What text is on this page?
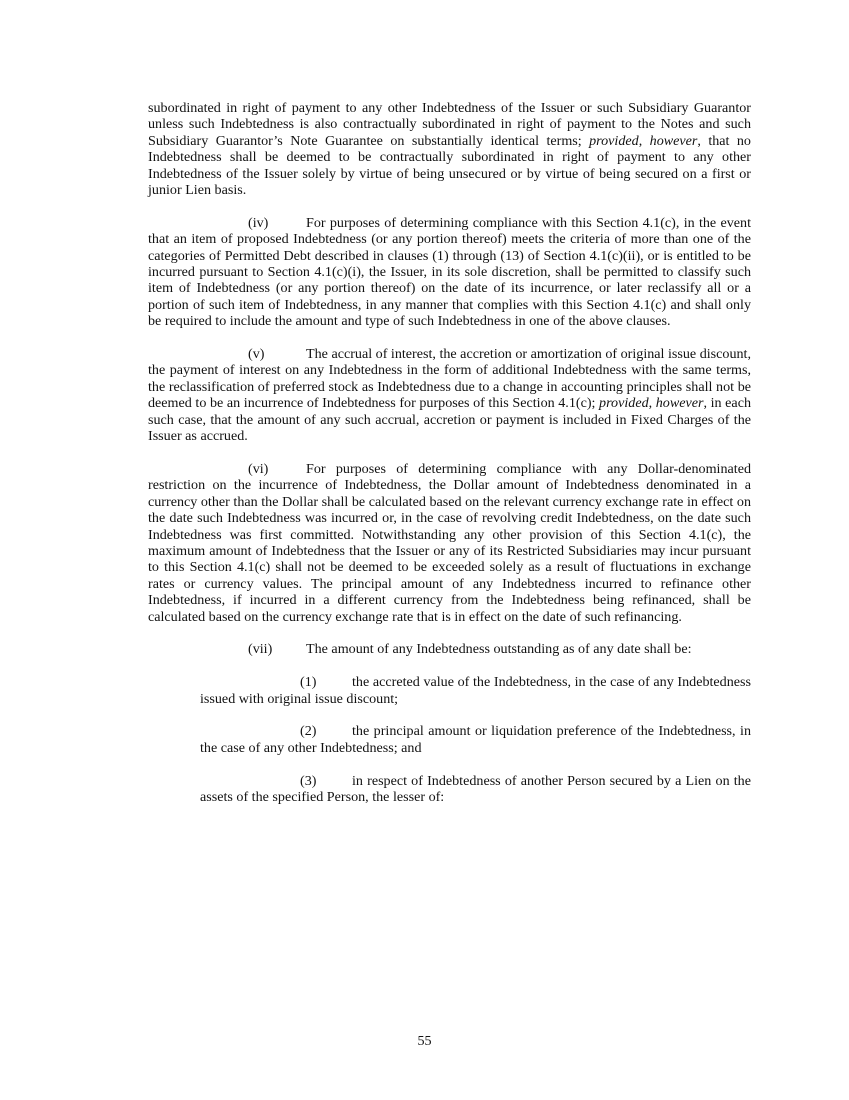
subordinated in right of payment to any other Indebtedness of the Issuer or such Subsidiary Guarantor unless such Indebtedness is also contractually subordinated in right of payment to the Notes and such Subsidiary Guarantor’s Note Guarantee on substantially identical terms; provided, however, that no Indebtedness shall be deemed to be contractually subordinated in right of payment to any other Indebtedness of the Issuer solely by virtue of being unsecured or by virtue of being secured on a first or junior Lien basis.

(iv)	For purposes of determining compliance with this Section 4.1(c), in the event that an item of proposed Indebtedness (or any portion thereof) meets the criteria of more than one of the categories of Permitted Debt described in clauses (1) through (13) of Section 4.1(c)(ii), or is entitled to be incurred pursuant to Section 4.1(c)(i), the Issuer, in its sole discretion, shall be permitted to classify such item of Indebtedness (or any portion thereof) on the date of its incurrence, or later reclassify all or a portion of such item of Indebtedness, in any manner that complies with this Section 4.1(c) and shall only be required to include the amount and type of such Indebtedness in one of the above clauses.

(v)	The accrual of interest, the accretion or amortization of original issue discount, the payment of interest on any Indebtedness in the form of additional Indebtedness with the same terms, the reclassification of preferred stock as Indebtedness due to a change in accounting principles shall not be deemed to be an incurrence of Indebtedness for purposes of this Section 4.1(c); provided, however, in each such case, that the amount of any such accrual, accretion or payment is included in Fixed Charges of the Issuer as accrued.

(vi)	For purposes of determining compliance with any Dollar-denominated restriction on the incurrence of Indebtedness, the Dollar amount of Indebtedness denominated in a currency other than the Dollar shall be calculated based on the relevant currency exchange rate in effect on the date such Indebtedness was incurred or, in the case of revolving credit Indebtedness, on the date such Indebtedness was first committed. Notwithstanding any other provision of this Section 4.1(c), the maximum amount of Indebtedness that the Issuer or any of its Restricted Subsidiaries may incur pursuant to this Section 4.1(c) shall not be deemed to be exceeded solely as a result of fluctuations in exchange rates or currency values. The principal amount of any Indebtedness incurred to refinance other Indebtedness, if incurred in a different currency from the Indebtedness being refinanced, shall be calculated based on the currency exchange rate that is in effect on the date of such refinancing.

(vii) The amount of any Indebtedness outstanding as of any date shall be:

(1)	the accreted value of the Indebtedness, in the case of any Indebtedness issued with original issue discount;

(2)	the principal amount or liquidation preference of the Indebtedness, in the case of any other Indebtedness; and

(3)	in respect of Indebtedness of another Person secured by a Lien on the assets of the specified Person, the lesser of:

55
